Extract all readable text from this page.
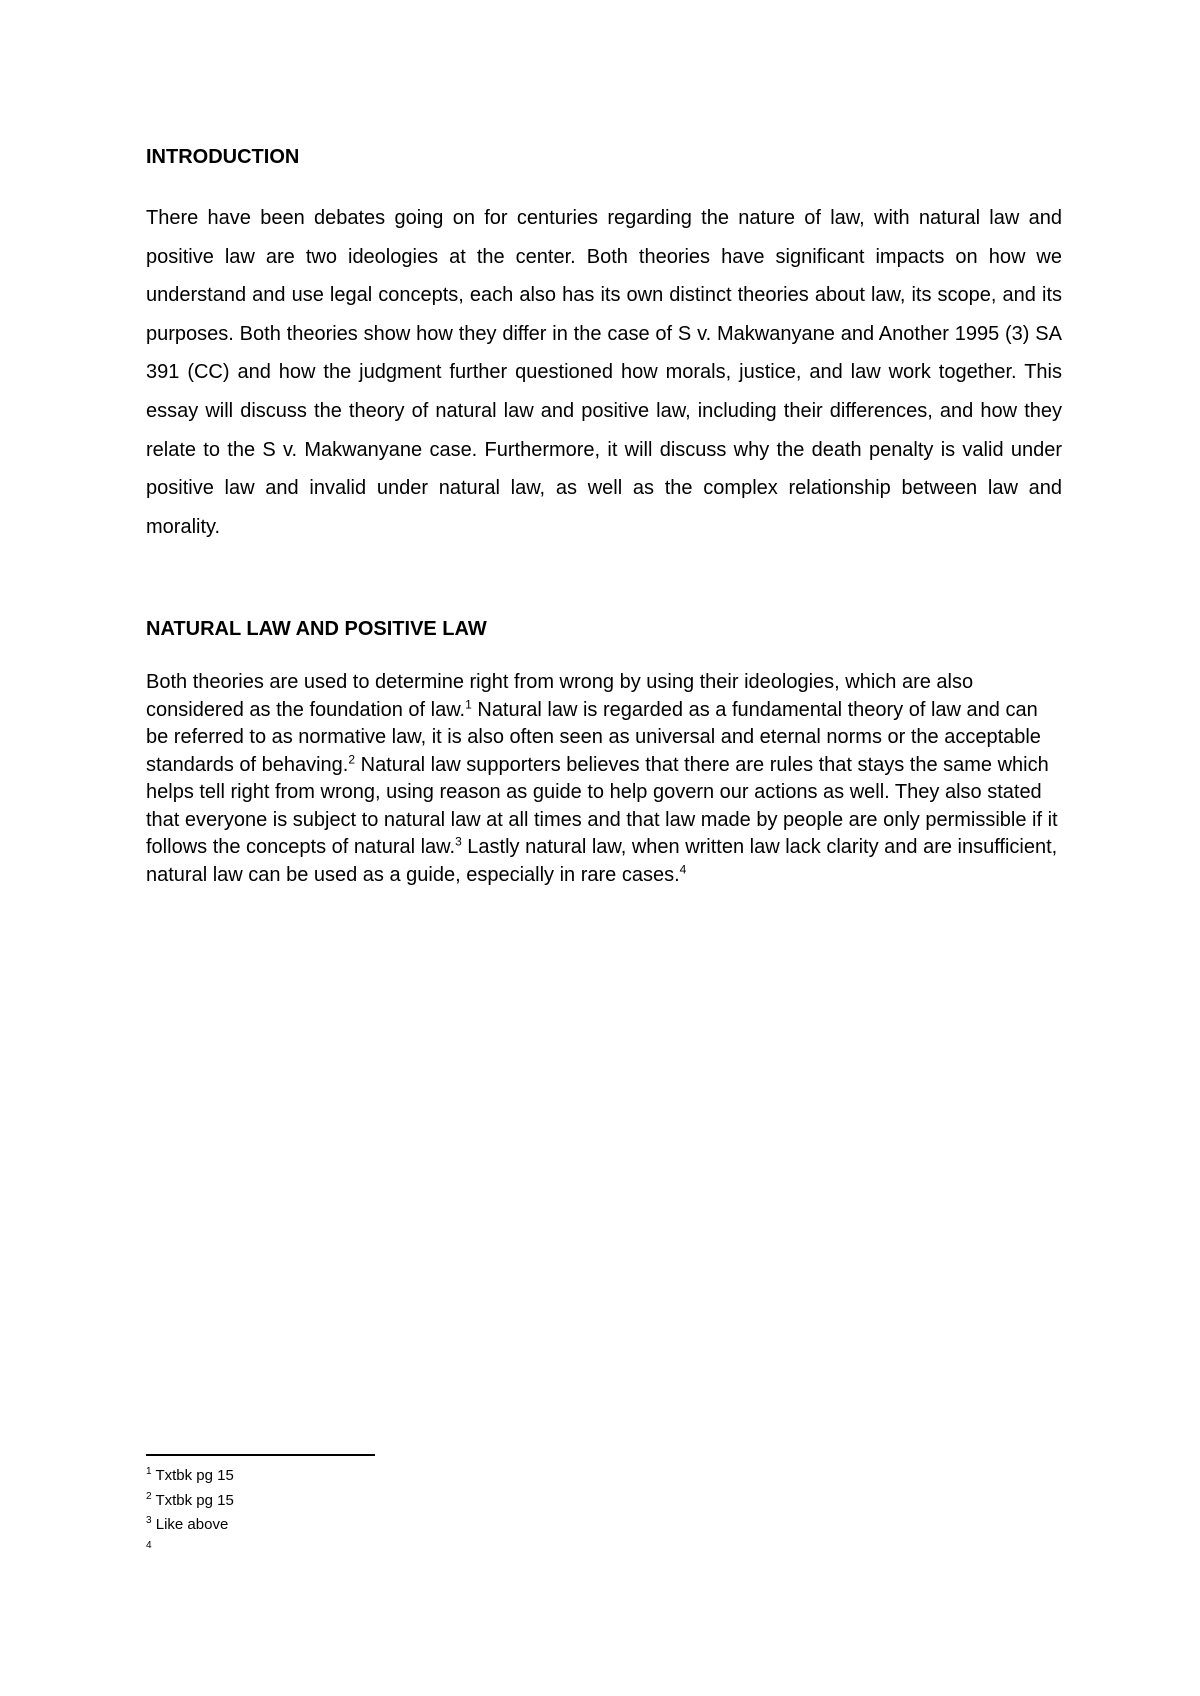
INTRODUCTION

There have been debates going on for centuries regarding the nature of law, with natural law and positive law are two ideologies at the center. Both theories have significant impacts on how we understand and use legal concepts, each also has its own distinct theories about law, its scope, and its purposes. Both theories show how they differ in the case of S v. Makwanyane and Another 1995 (3) SA 391 (CC) and how the judgment further questioned how morals, justice, and law work together. This essay will discuss the theory of natural law and positive law, including their differences, and how they relate to the S v. Makwanyane case. Furthermore, it will discuss why the death penalty is valid under positive law and invalid under natural law, as well as the complex relationship between law and morality.

NATURAL LAW AND POSITIVE LAW

Both theories are used to determine right from wrong by using their ideologies, which are also considered as the foundation of law.$^1$ Natural law is regarded as a fundamental theory of law and can be referred to as normative law, it is also often seen as universal and eternal norms or the acceptable standards of behaving.$^2$ Natural law supporters believes that there are rules that stays the same which helps tell right from wrong, using reason as guide to help govern our actions as well. They also stated that everyone is subject to natural law at all times and that law made by people are only permissible if it follows the concepts of natural law.$^3$ Lastly natural law, when written law lack clarity and are insufficient, natural law can be used as a guide, especially in rare cases.$^4$

$^1$ Txtbk pg 15
$^2$ Txtbk pg 15
$^3$ Like above
$^4$
